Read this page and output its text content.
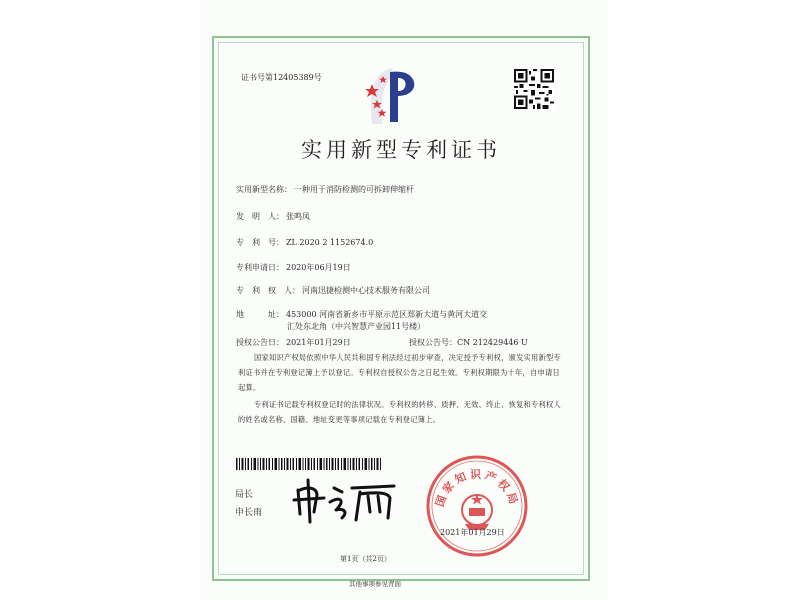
证书号第12405389号
实用新型专利证书
实用新型名称： 一种用于消防检测的可拆卸伸缩杆
发　明　人： 张鸣凤
专　利　号： ZL 2020 2 1152674.0
专利申请日： 2020年06月19日
专　利　权　人： 河南迅捷检测中心技术服务有限公司
地　　　址： 453000 河南省新乡市平原示范区郑新大道与黄河大道交
汇处东北角（中兴智慧产业园11号楼）
授权公告日： 2021年01月29日	授权公告号：CN 212429446 U
国家知识产权局依照中华人民共和国专利法经过初步审查，决定授予专利权，颁发实用新型专利证书并在专利登记簿上予以登记。专利权自授权公告之日起生效。专利权期限为十年，自申请日起算。
专利证书记载专利权登记时的法律状况。专利权的转移、质押、无效、终止、恢复和专利权人的姓名或名称、国籍、地址变更等事项记载在专利登记簿上。
局长
申长雨
国家知识产权局
2021年01月29日
第1页（共2页）
其他事项参见背面
